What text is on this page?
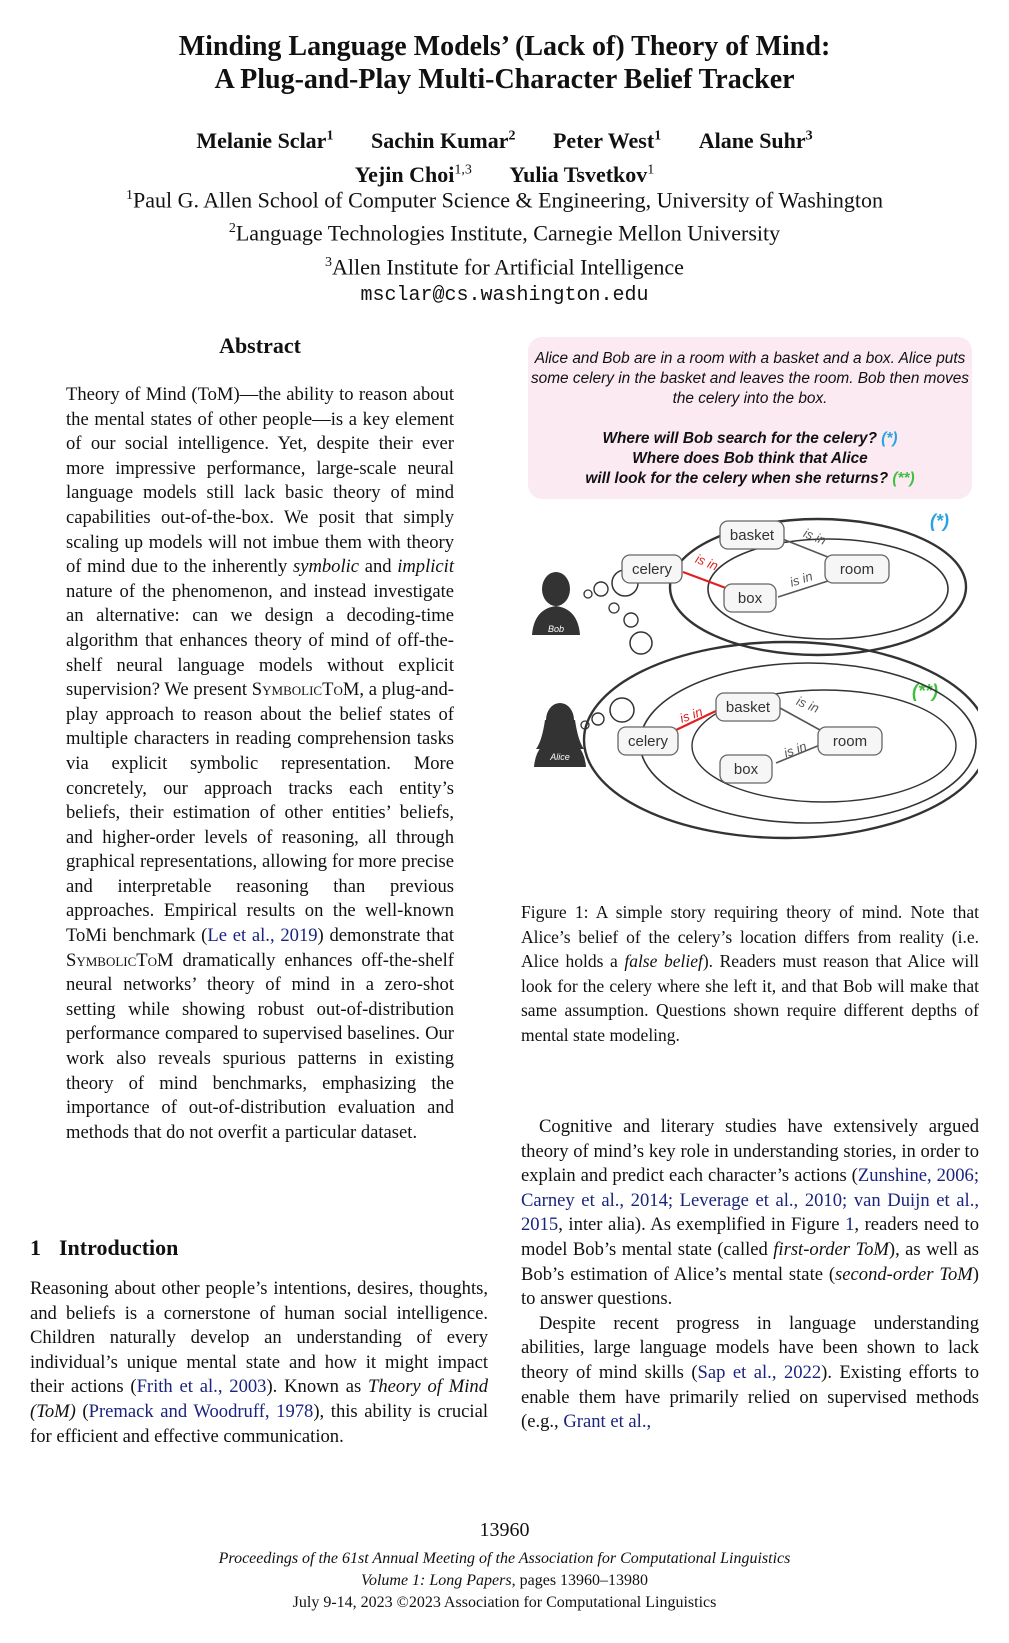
Minding Language Models’ (Lack of) Theory of Mind:
A Plug-and-Play Multi-Character Belief Tracker
Melanie Sclar$^1$ Sachin Kumar$^2$ Peter West$^1$ Alane Suhr$^3$
Yejin Choi$^{1,3}$ Yulia Tsvetkov$^1$
$^1$Paul G. Allen School of Computer Science & Engineering, University of Washington
$^2$Language Technologies Institute, Carnegie Mellon University
$^3$Allen Institute for Artificial Intelligence
msclar@cs.washington.edu
Abstract

Theory of Mind (ToM)—the ability to reason about the mental states of other people—is a key element of our social intelligence. Yet, despite their ever more impressive performance, large-scale neural language models still lack basic theory of mind capabilities out-of-the-box. We posit that simply scaling up models will not imbue them with theory of mind due to the inherently symbolic and implicit nature of the phenomenon, and instead investigate an alternative: can we design a decoding-time algorithm that enhances theory of mind of off-the-shelf neural language models without explicit supervision? We present SymbolicToM, a plug-and-play approach to reason about the belief states of multiple characters in reading comprehension tasks via explicit symbolic representation. More concretely, our approach tracks each entity’s beliefs, their estimation of other entities’ beliefs, and higher-order levels of reasoning, all through graphical representations, allowing for more precise and interpretable reasoning than previous approaches. Empirical results on the well-known ToMi benchmark (Le et al., 2019) demonstrate that SymbolicToM dramatically enhances off-the-shelf neural networks’ theory of mind in a zero-shot setting while showing robust out-of-distribution performance compared to supervised baselines. Our work also reveals spurious patterns in existing theory of mind benchmarks, emphasizing the importance of out-of-distribution evaluation and methods that do not overfit a particular dataset.

1 Introduction

Reasoning about other people’s intentions, desires, thoughts, and beliefs is a cornerstone of human social intelligence. Children naturally develop an understanding of every individual’s unique mental state and how it might impact their actions (Frith et al., 2003). Known as Theory of Mind (ToM) (Premack and Woodruff, 1978), this ability is crucial for efficient and effective communication.

Alice and Bob are in a room with a basket and a box. Alice puts some celery in the basket and leaves the room. Bob then moves the celery into the box.
Where will Bob search for the celery? (*)
Where does Bob think that Alice
will look for the celery when she returns? (**)
(*)
(**)
Bob
is in
is in
is in
celery
basket
box
room
Alice
is in	is in
is in
celery
basket
box
room
Figure 1: A simple story requiring theory of mind. Note that Alice’s belief of the celery’s location differs from reality (i.e. Alice holds a false belief). Readers must reason that Alice will look for the celery where she left it, and that Bob will make that same assumption. Questions shown require different depths of mental state modeling.

Cognitive and literary studies have extensively argued theory of mind’s key role in understanding stories, in order to explain and predict each character’s actions (Zunshine, 2006; Carney et al., 2014; Leverage et al., 2010; van Duijn et al., 2015, inter alia). As exemplified in Figure 1, readers need to model Bob’s mental state (called first-order ToM), as well as Bob’s estimation of Alice’s mental state (second-order ToM) to answer questions.

Despite recent progress in language understanding abilities, large language models have been shown to lack theory of mind skills (Sap et al., 2022). Existing efforts to enable them have primarily relied on supervised methods (e.g., Grant et al.,

13960
Proceedings of the 61st Annual Meeting of the Association for Computational Linguistics
Volume 1: Long Papers, pages 13960–13980
July 9-14, 2023 ©2023 Association for Computational Linguistics
